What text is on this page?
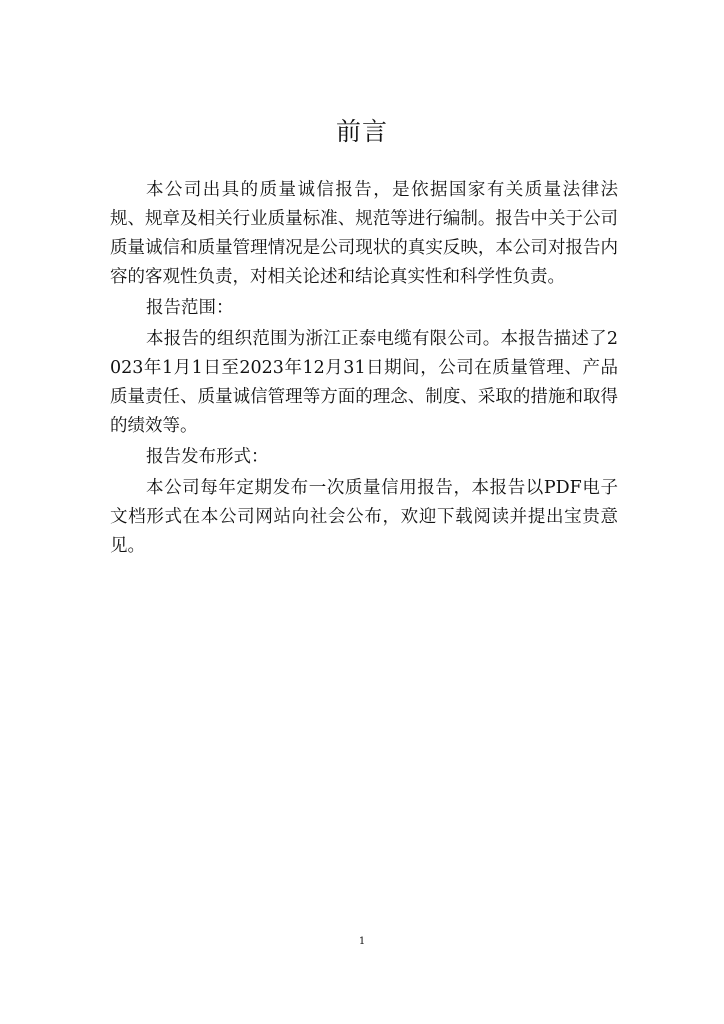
前言

本公司出具的质量诚信报告，是依据国家有关质量法律法规、规章及相关行业质量标准、规范等进行编制。报告中关于公司质量诚信和质量管理情况是公司现状的真实反映，本公司对报告内容的客观性负责，对相关论述和结论真实性和科学性负责。

报告范围：

本报告的组织范围为浙江正泰电缆有限公司。本报告描述了2023年1月1日至2023年12月31日期间，公司在质量管理、产品质量责任、质量诚信管理等方面的理念、制度、采取的措施和取得的绩效等。

报告发布形式：

本公司每年定期发布一次质量信用报告，本报告以PDF电子文档形式在本公司网站向社会公布，欢迎下载阅读并提出宝贵意见。

1
